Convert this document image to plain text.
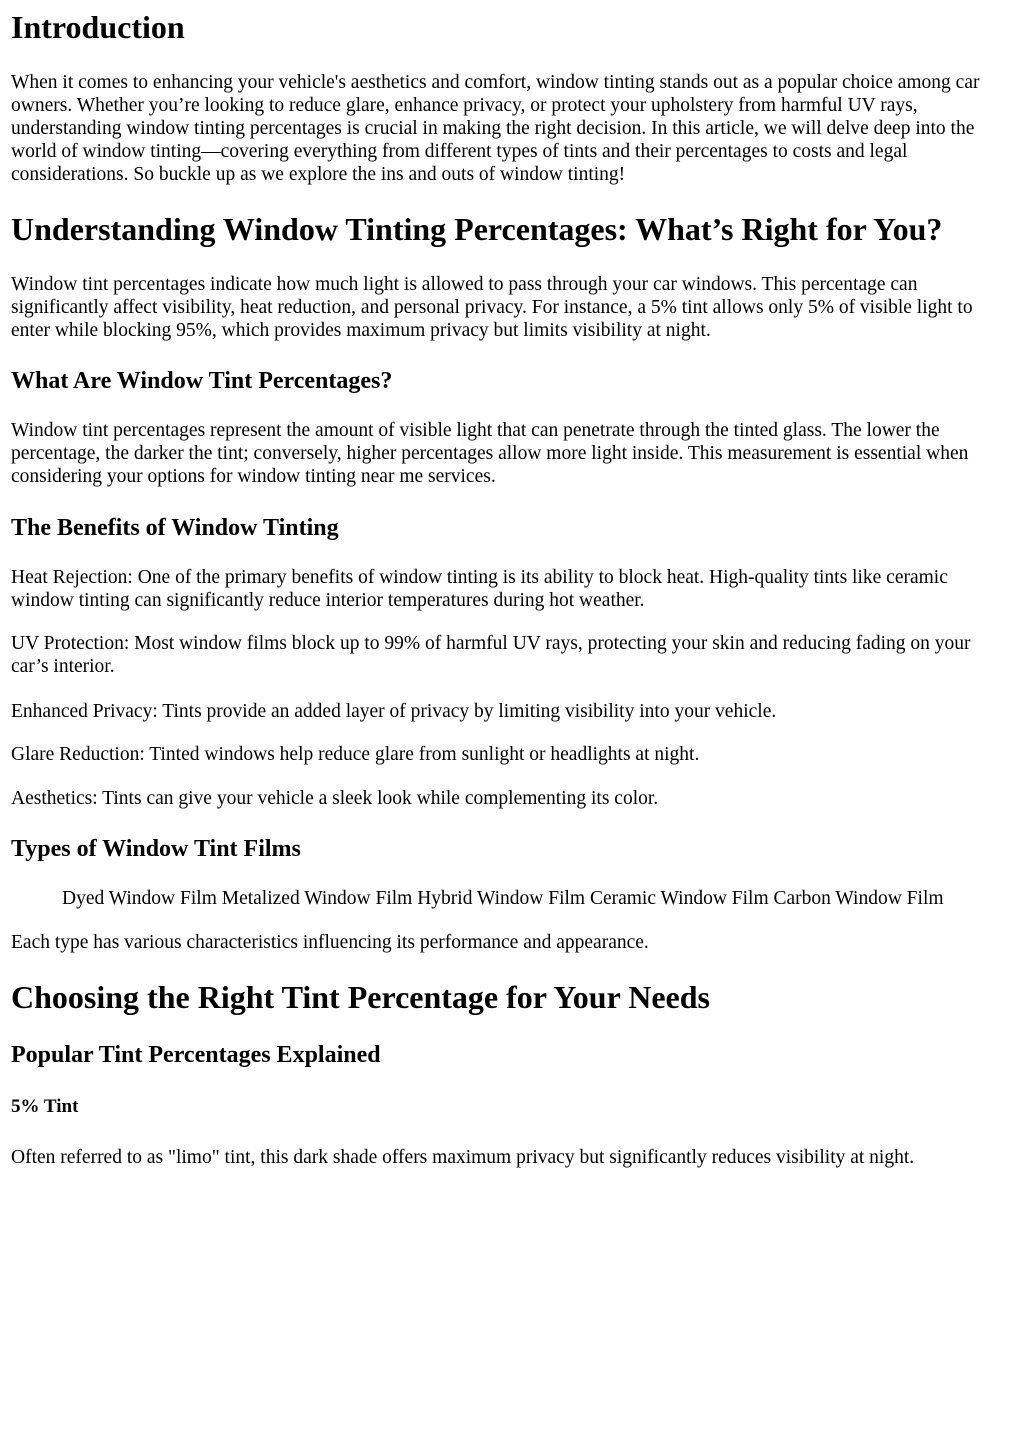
Introduction

When it comes to enhancing your vehicle's aesthetics and comfort, window tinting stands out as a popular choice among car owners. Whether you’re looking to reduce glare, enhance privacy, or protect your upholstery from harmful UV rays, understanding window tinting percentages is crucial in making the right decision. In this article, we will delve deep into the world of window tinting—covering everything from different types of tints and their percentages to costs and legal considerations. So buckle up as we explore the ins and outs of window tinting!

Understanding Window Tinting Percentages: What’s Right for You?

Window tint percentages indicate how much light is allowed to pass through your car windows. This percentage can significantly affect visibility, heat reduction, and personal privacy. For instance, a 5% tint allows only 5% of visible light to enter while blocking 95%, which provides maximum privacy but limits visibility at night.

What Are Window Tint Percentages?

Window tint percentages represent the amount of visible light that can penetrate through the tinted glass. The lower the percentage, the darker the tint; conversely, higher percentages allow more light inside. This measurement is essential when considering your options for window tinting near me services.

The Benefits of Window Tinting

Heat Rejection: One of the primary benefits of window tinting is its ability to block heat. High-quality tints like ceramic window tinting can significantly reduce interior temperatures during hot weather.

UV Protection: Most window films block up to 99% of harmful UV rays, protecting your skin and reducing fading on your car’s interior.

Enhanced Privacy: Tints provide an added layer of privacy by limiting visibility into your vehicle.

Glare Reduction: Tinted windows help reduce glare from sunlight or headlights at night.

Aesthetics: Tints can give your vehicle a sleek look while complementing its color.

Types of Window Tint Films
Dyed Window Film Metalized Window Film Hybrid Window Film Ceramic Window Film Carbon Window Film

Each type has various characteristics influencing its performance and appearance.

Choosing the Right Tint Percentage for Your Needs
Popular Tint Percentages Explained
5% Tint

Often referred to as "limo" tint, this dark shade offers maximum privacy but significantly reduces visibility at night.
